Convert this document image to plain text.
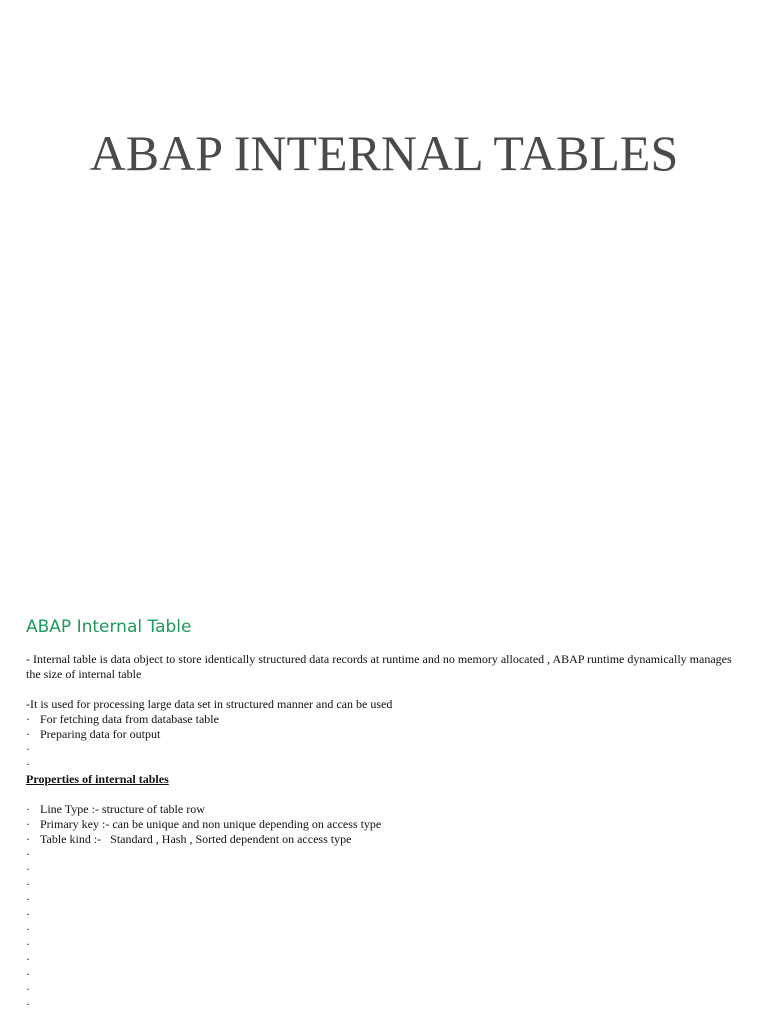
ABAP INTERNAL TABLES
ABAP Internal Table

- Internal table is data object to store identically structured data records at runtime and no memory allocated , ABAP runtime dynamically manages the size of internal table

-It is used for processing large data set in structured manner and can be used

· For fetching data from database table
· Preparing data for output
·
·

Properties of internal tables

· Line Type :- structure of table row
· Primary key :- can be unique and non unique depending on access type
· Table kind :-   Standard , Hash , Sorted dependent on access type
·
·
·
·
·
·
·
·
·
·
·
